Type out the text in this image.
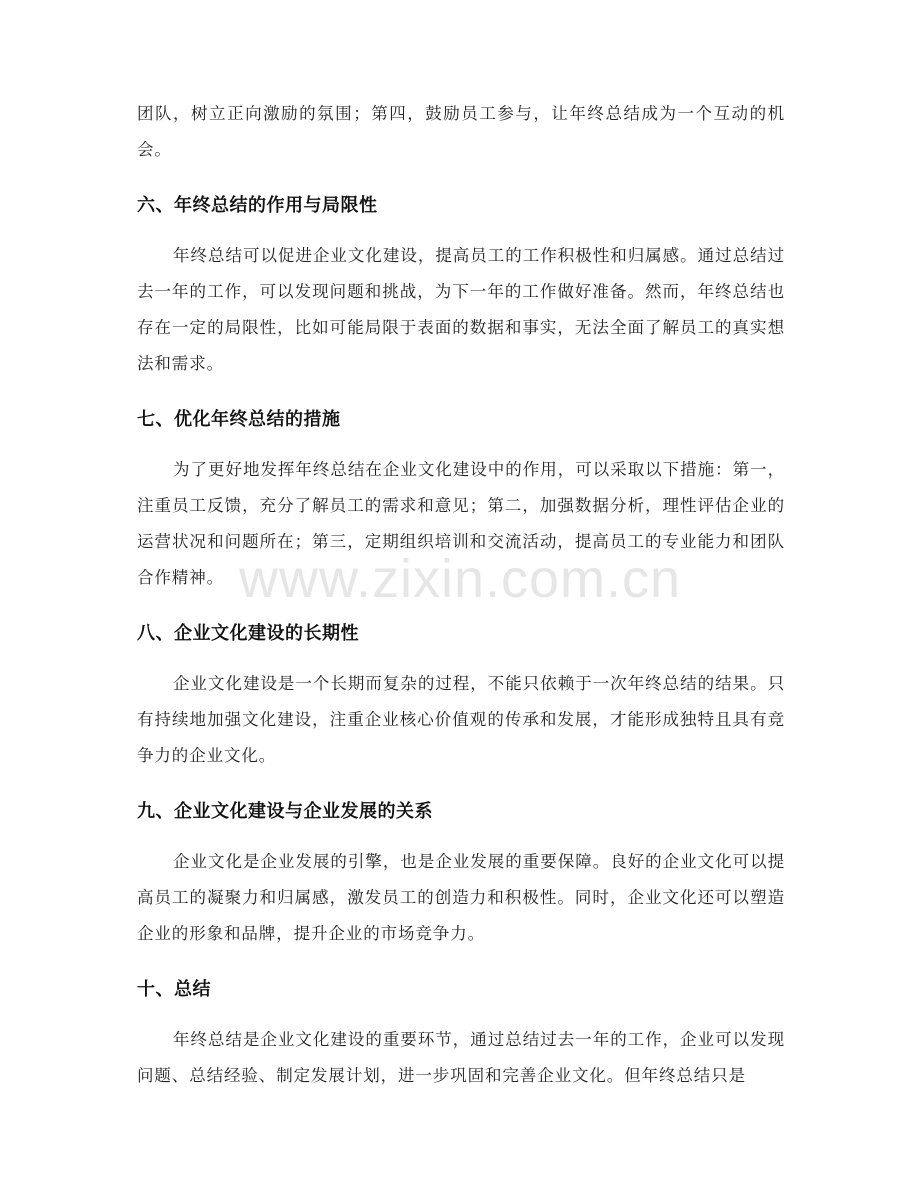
团队，树立正向激励的氛围；第四，鼓励员工参与，让年终总结成为一个互动的机会。

六、年终总结的作用与局限性

年终总结可以促进企业文化建设，提高员工的工作积极性和归属感。通过总结过去一年的工作，可以发现问题和挑战，为下一年的工作做好准备。然而，年终总结也存在一定的局限性，比如可能局限于表面的数据和事实，无法全面了解员工的真实想法和需求。

七、优化年终总结的措施

为了更好地发挥年终总结在企业文化建设中的作用，可以采取以下措施：第一，注重员工反馈，充分了解员工的需求和意见；第二，加强数据分析，理性评估企业的运营状况和问题所在；第三，定期组织培训和交流活动，提高员工的专业能力和团队合作精神。

八、企业文化建设的长期性

企业文化建设是一个长期而复杂的过程，不能只依赖于一次年终总结的结果。只有持续地加强文化建设，注重企业核心价值观的传承和发展，才能形成独特且具有竞争力的企业文化。

九、企业文化建设与企业发展的关系

企业文化是企业发展的引擎，也是企业发展的重要保障。良好的企业文化可以提高员工的凝聚力和归属感，激发员工的创造力和积极性。同时，企业文化还可以塑造企业的形象和品牌，提升企业的市场竞争力。

十、总结

年终总结是企业文化建设的重要环节，通过总结过去一年的工作，企业可以发现问题、总结经验、制定发展计划，进一步巩固和完善企业文化。但年终总结只是

www.zixin.com.cn
